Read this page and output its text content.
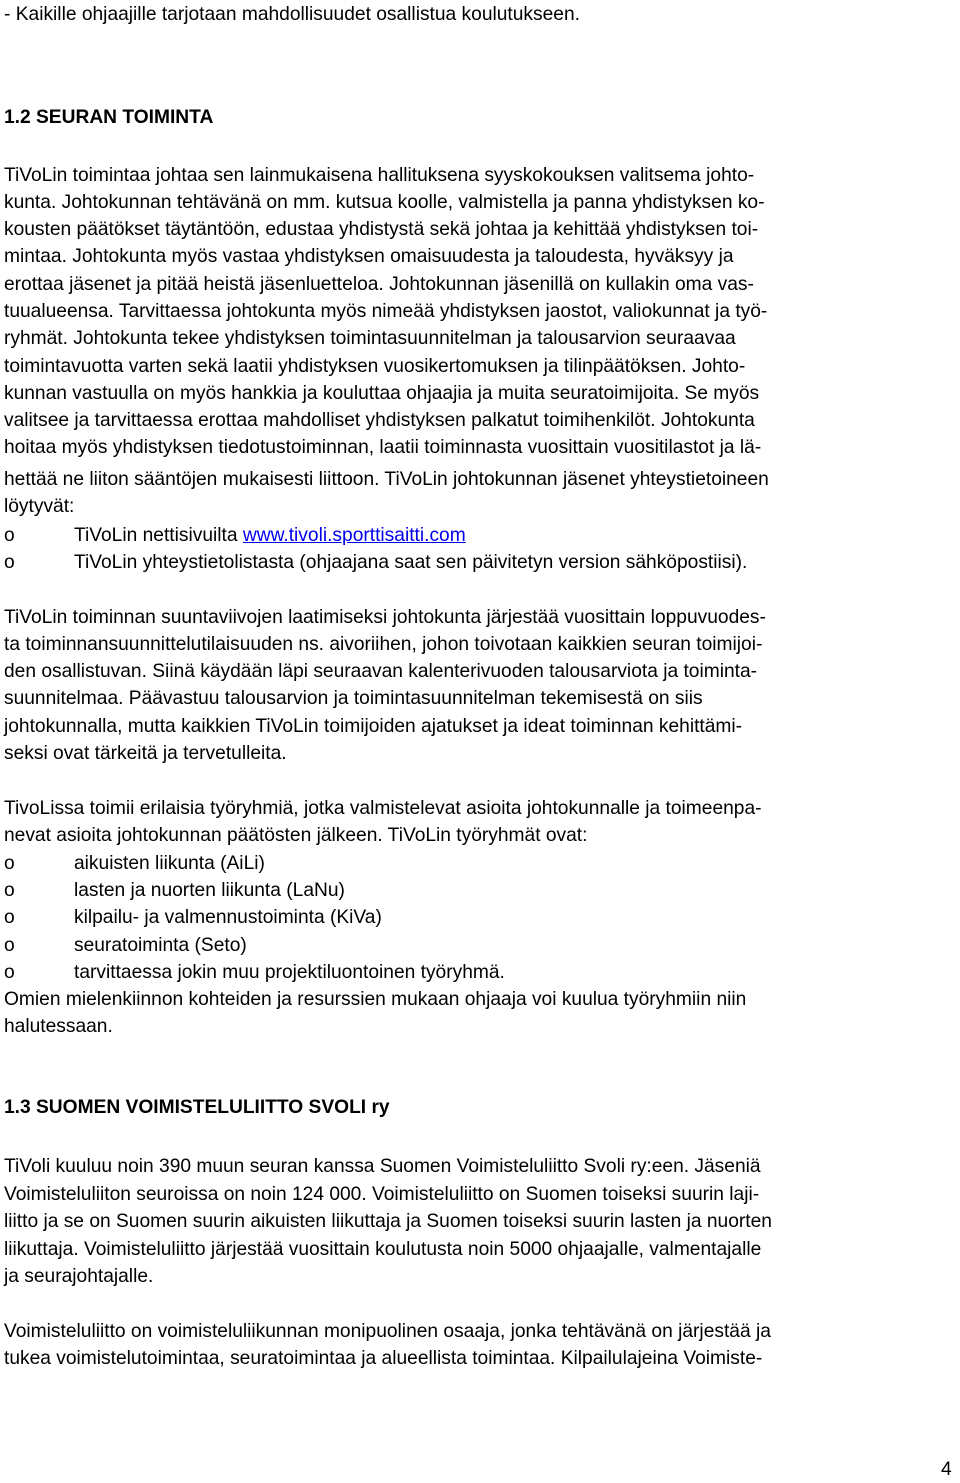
- Kaikille ohjaajille tarjotaan mahdollisuudet osallistua koulutukseen.
1.2 SEURAN TOIMINTA
TiVoLin toimintaa johtaa sen lainmukaisena hallituksena syyskokouksen valitsema johto-
kunta. Johtokunnan tehtävänä on mm. kutsua koolle, valmistella ja panna yhdistyksen ko-
kousten päätökset täytäntöön, edustaa yhdistystä sekä johtaa ja kehittää yhdistyksen toi-
mintaa. Johtokunta myös vastaa yhdistyksen omaisuudesta ja taloudesta, hyväksyy ja
erottaa jäsenet ja pitää heistä jäsenluetteloa. Johtokunnan jäsenillä on kullakin oma vas-
tuualueensa. Tarvittaessa johtokunta myös nimeää yhdistyksen jaostot, valiokunnat ja työ-
ryhmät. Johtokunta tekee yhdistyksen toimintasuunnitelman ja talousarvion seuraavaa
toimintavuotta varten sekä laatii yhdistyksen vuosikertomuksen ja tilinpäätöksen. Johto-
kunnan vastuulla on myös hankkia ja kouluttaa ohjaajia ja muita seuratoimijoita. Se myös
valitsee ja tarvittaessa erottaa mahdolliset yhdistyksen palkatut toimihenkilöt. Johtokunta
hoitaa myös yhdistyksen tiedotustoiminnan, laatii toiminnasta vuosittain vuositilastot ja lä-
hettää ne liiton sääntöjen mukaisesti liittoon. TiVoLin johtokunnan jäsenet yhteystietoineen
löytyvät:
o	TiVoLin nettisivuilta www.tivoli.sporttisaitti.com
o	TiVoLin yhteystietolistasta (ohjaajana saat sen päivitetyn version sähköpostiisi).
TiVoLin toiminnan suuntaviivojen laatimiseksi johtokunta järjestää vuosittain loppuvuodes-
ta toiminnansuunnittelutilaisuuden ns. aivoriihen, johon toivotaan kaikkien seuran toimijoi-
den osallistuvan. Siinä käydään läpi seuraavan kalenterivuoden talousarviota ja toiminta-
suunnitelmaa. Päävastuu talousarvion ja toimintasuunnitelman tekemisestä on siis
johtokunnalla, mutta kaikkien TiVoLin toimijoiden ajatukset ja ideat toiminnan kehittämi-
seksi ovat tärkeitä ja tervetulleita.
TivoLissa toimii erilaisia työryhmiä, jotka valmistelevat asioita johtokunnalle ja toimeenpa-
nevat asioita johtokunnan päätösten jälkeen. TiVoLin työryhmät ovat:
o	aikuisten liikunta (AiLi)
o	lasten ja nuorten liikunta (LaNu)
o	kilpailu- ja valmennustoiminta (KiVa)
o	seuratoiminta (Seto)
o	tarvittaessa jokin muu projektiluontoinen työryhmä.
Omien mielenkiinnon kohteiden ja resurssien mukaan ohjaaja voi kuulua työryhmiin niin
halutessaan.
1.3 SUOMEN VOIMISTELULIITTO SVOLI ry
TiVoli kuuluu noin 390 muun seuran kanssa Suomen Voimisteluliitto Svoli ry:een. Jäseniä
Voimisteluliiton seuroissa on noin 124 000. Voimisteluliitto on Suomen toiseksi suurin laji-
liitto ja se on Suomen suurin aikuisten liikuttaja ja Suomen toiseksi suurin lasten ja nuorten
liikuttaja. Voimisteluliitto järjestää vuosittain koulutusta noin 5000 ohjaajalle, valmentajalle
ja seurajohtajalle.
Voimisteluliitto on voimisteluliikunnan monipuolinen osaaja, jonka tehtävänä on järjestää ja
tukea voimistelutoimintaa, seuratoimintaa ja alueellista toimintaa. Kilpailulajeina Voimiste-
4
